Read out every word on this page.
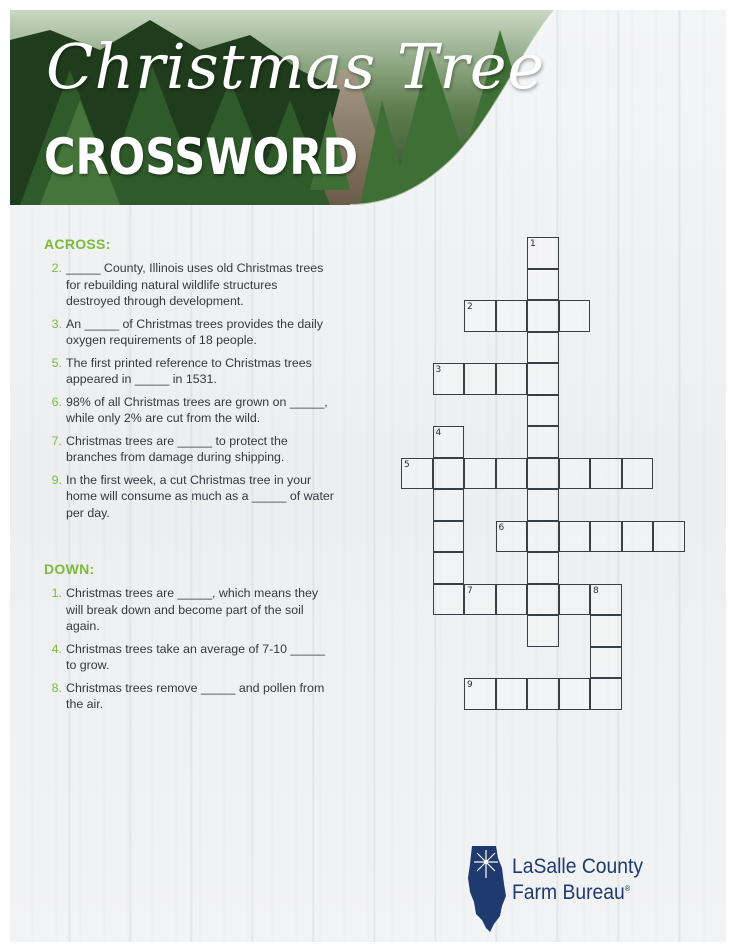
Christmas Tree
CROSSWORD
ACROSS:
2. _____ County, Illinois uses old Christmas trees for rebuilding natural wildlife structures destroyed through development.
3. An _____ of Christmas trees provides the daily oxygen requirements of 18 people.
5. The first printed reference to Christmas trees appeared in _____ in 1531.
6. 98% of all Christmas trees are grown on _____, while only 2% are cut from the wild.
7. Christmas trees are _____ to protect the branches from damage during shipping.
9. In the first week, a cut Christmas tree in your home will consume as much as a _____ of water per day.
DOWN:
1. Christmas trees are _____, which means they will break down and become part of the soil again.
4. Christmas trees take an average of 7-10 _____ to grow.
8. Christmas trees remove _____ and pollen from the air.
1
2
3
4
5
6
7	8
9
LaSalle County
Farm Bureau®
